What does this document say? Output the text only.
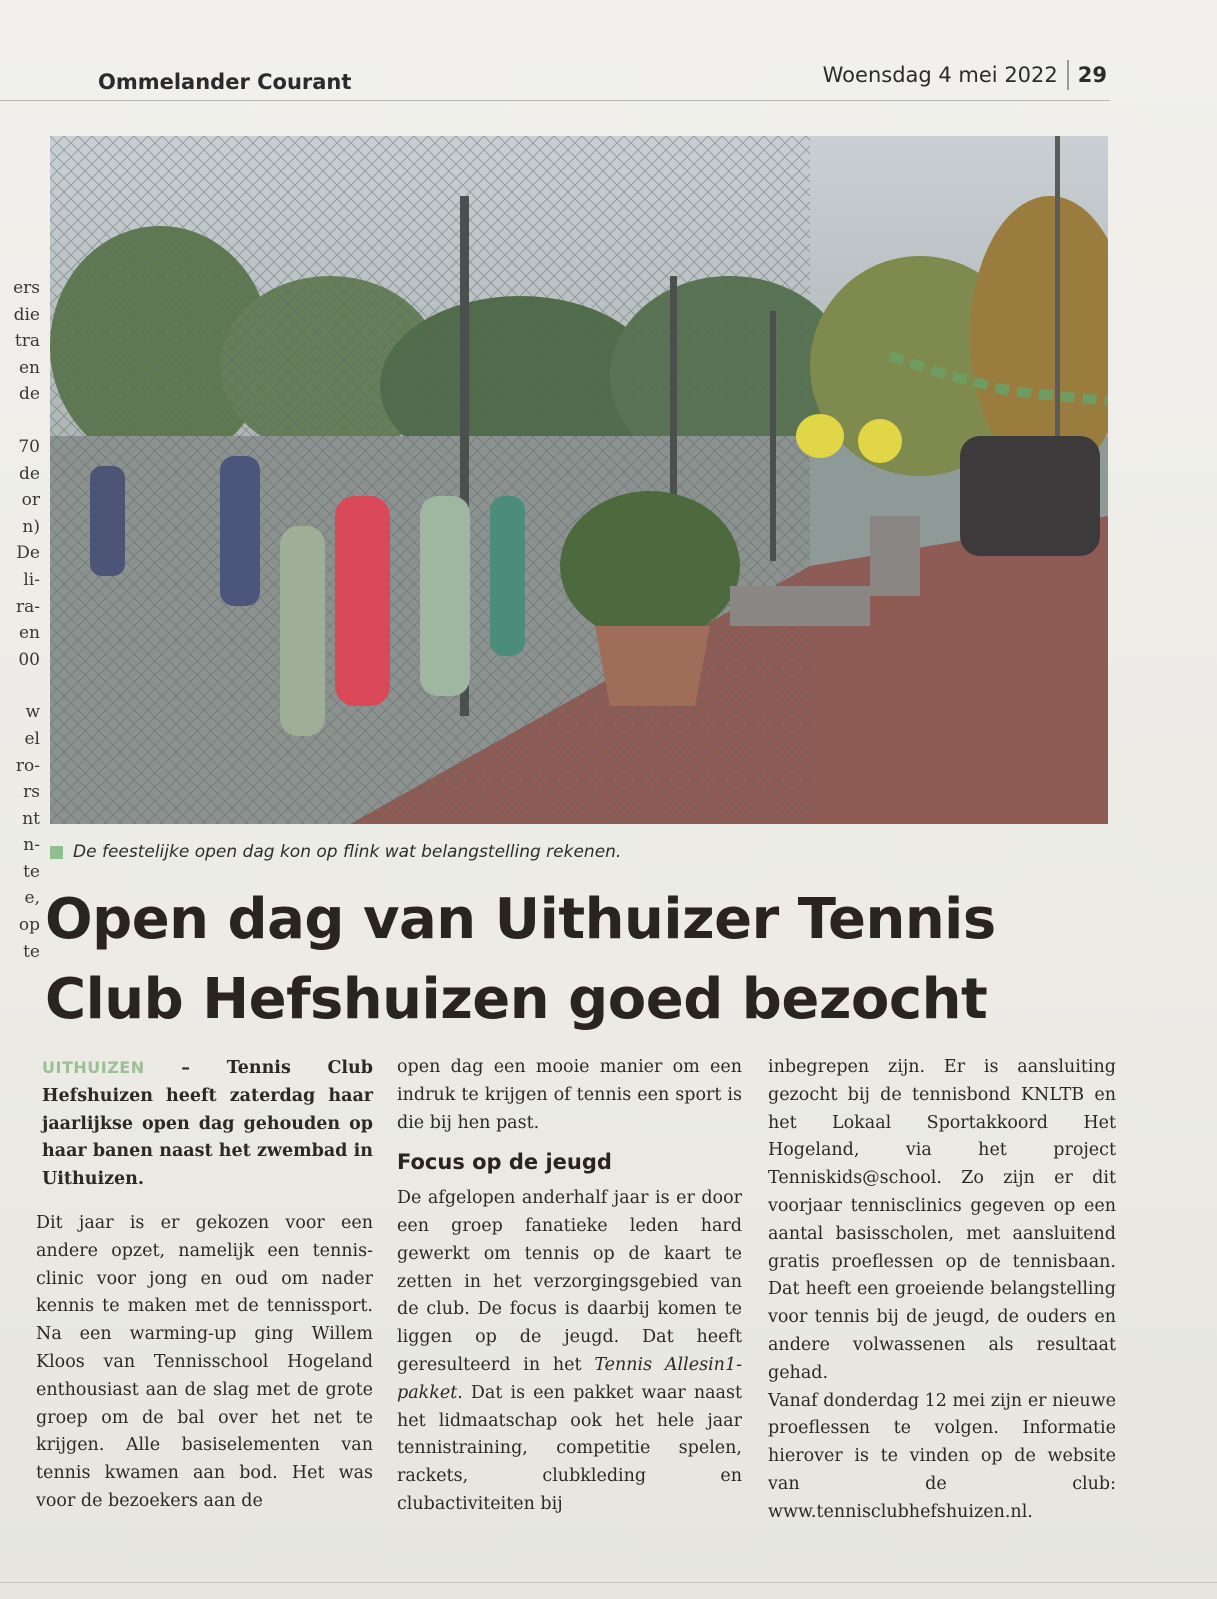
Ommelander Courant	Woensdag 4 mei 2022 29
ers
die
tra
en
de
70
de
or
n)
De
li-
ra-
en
00
w
el
ro-
rs
nt
n-
te
e,
op
te
De feestelijke open dag kon op flink wat belangstelling rekenen.
Open dag van Uithuizer Tennis
Club Hefshuizen goed bezocht

UITHUIZEN – Tennis Club Hefshuizen heeft zaterdag haar jaarlijkse open dag gehouden op haar banen naast het zwembad in Uithuizen.

Dit jaar is er gekozen voor een andere opzet, namelijk een tennis-clinic voor jong en oud om nader kennis te maken met de tennissport. Na een warming-up ging Willem Kloos van Tennisschool Hogeland enthousiast aan de slag met de grote groep om de bal over het net te krijgen. Alle basiselementen van tennis kwamen aan bod. Het was voor de bezoekers aan de

open dag een mooie manier om een indruk te krijgen of tennis een sport is die bij hen past.

Focus op de jeugd

De afgelopen anderhalf jaar is er door een groep fanatieke leden hard gewerkt om tennis op de kaart te zetten in het verzorgingsgebied van de club. De focus is daarbij komen te liggen op de jeugd. Dat heeft geresulteerd in het Tennis Allesin1-pakket. Dat is een pakket waar naast het lidmaatschap ook het hele jaar tennistraining, competitie spelen, rackets, clubkleding en clubactiviteiten bij

inbegrepen zijn. Er is aansluiting gezocht bij de tennisbond KNLTB en het Lokaal Sportakkoord Het Hogeland, via het project Tenniskids@school. Zo zijn er dit voorjaar tennisclinics gegeven op een aantal basisscholen, met aansluitend gratis proeflessen op de tennisbaan. Dat heeft een groeiende belangstelling voor tennis bij de jeugd, de ouders en andere volwassenen als resultaat gehad.

Vanaf donderdag 12 mei zijn er nieuwe proeflessen te volgen. Informatie hierover is te vinden op de website van de club: www.tennisclubhefshuizen.nl.
